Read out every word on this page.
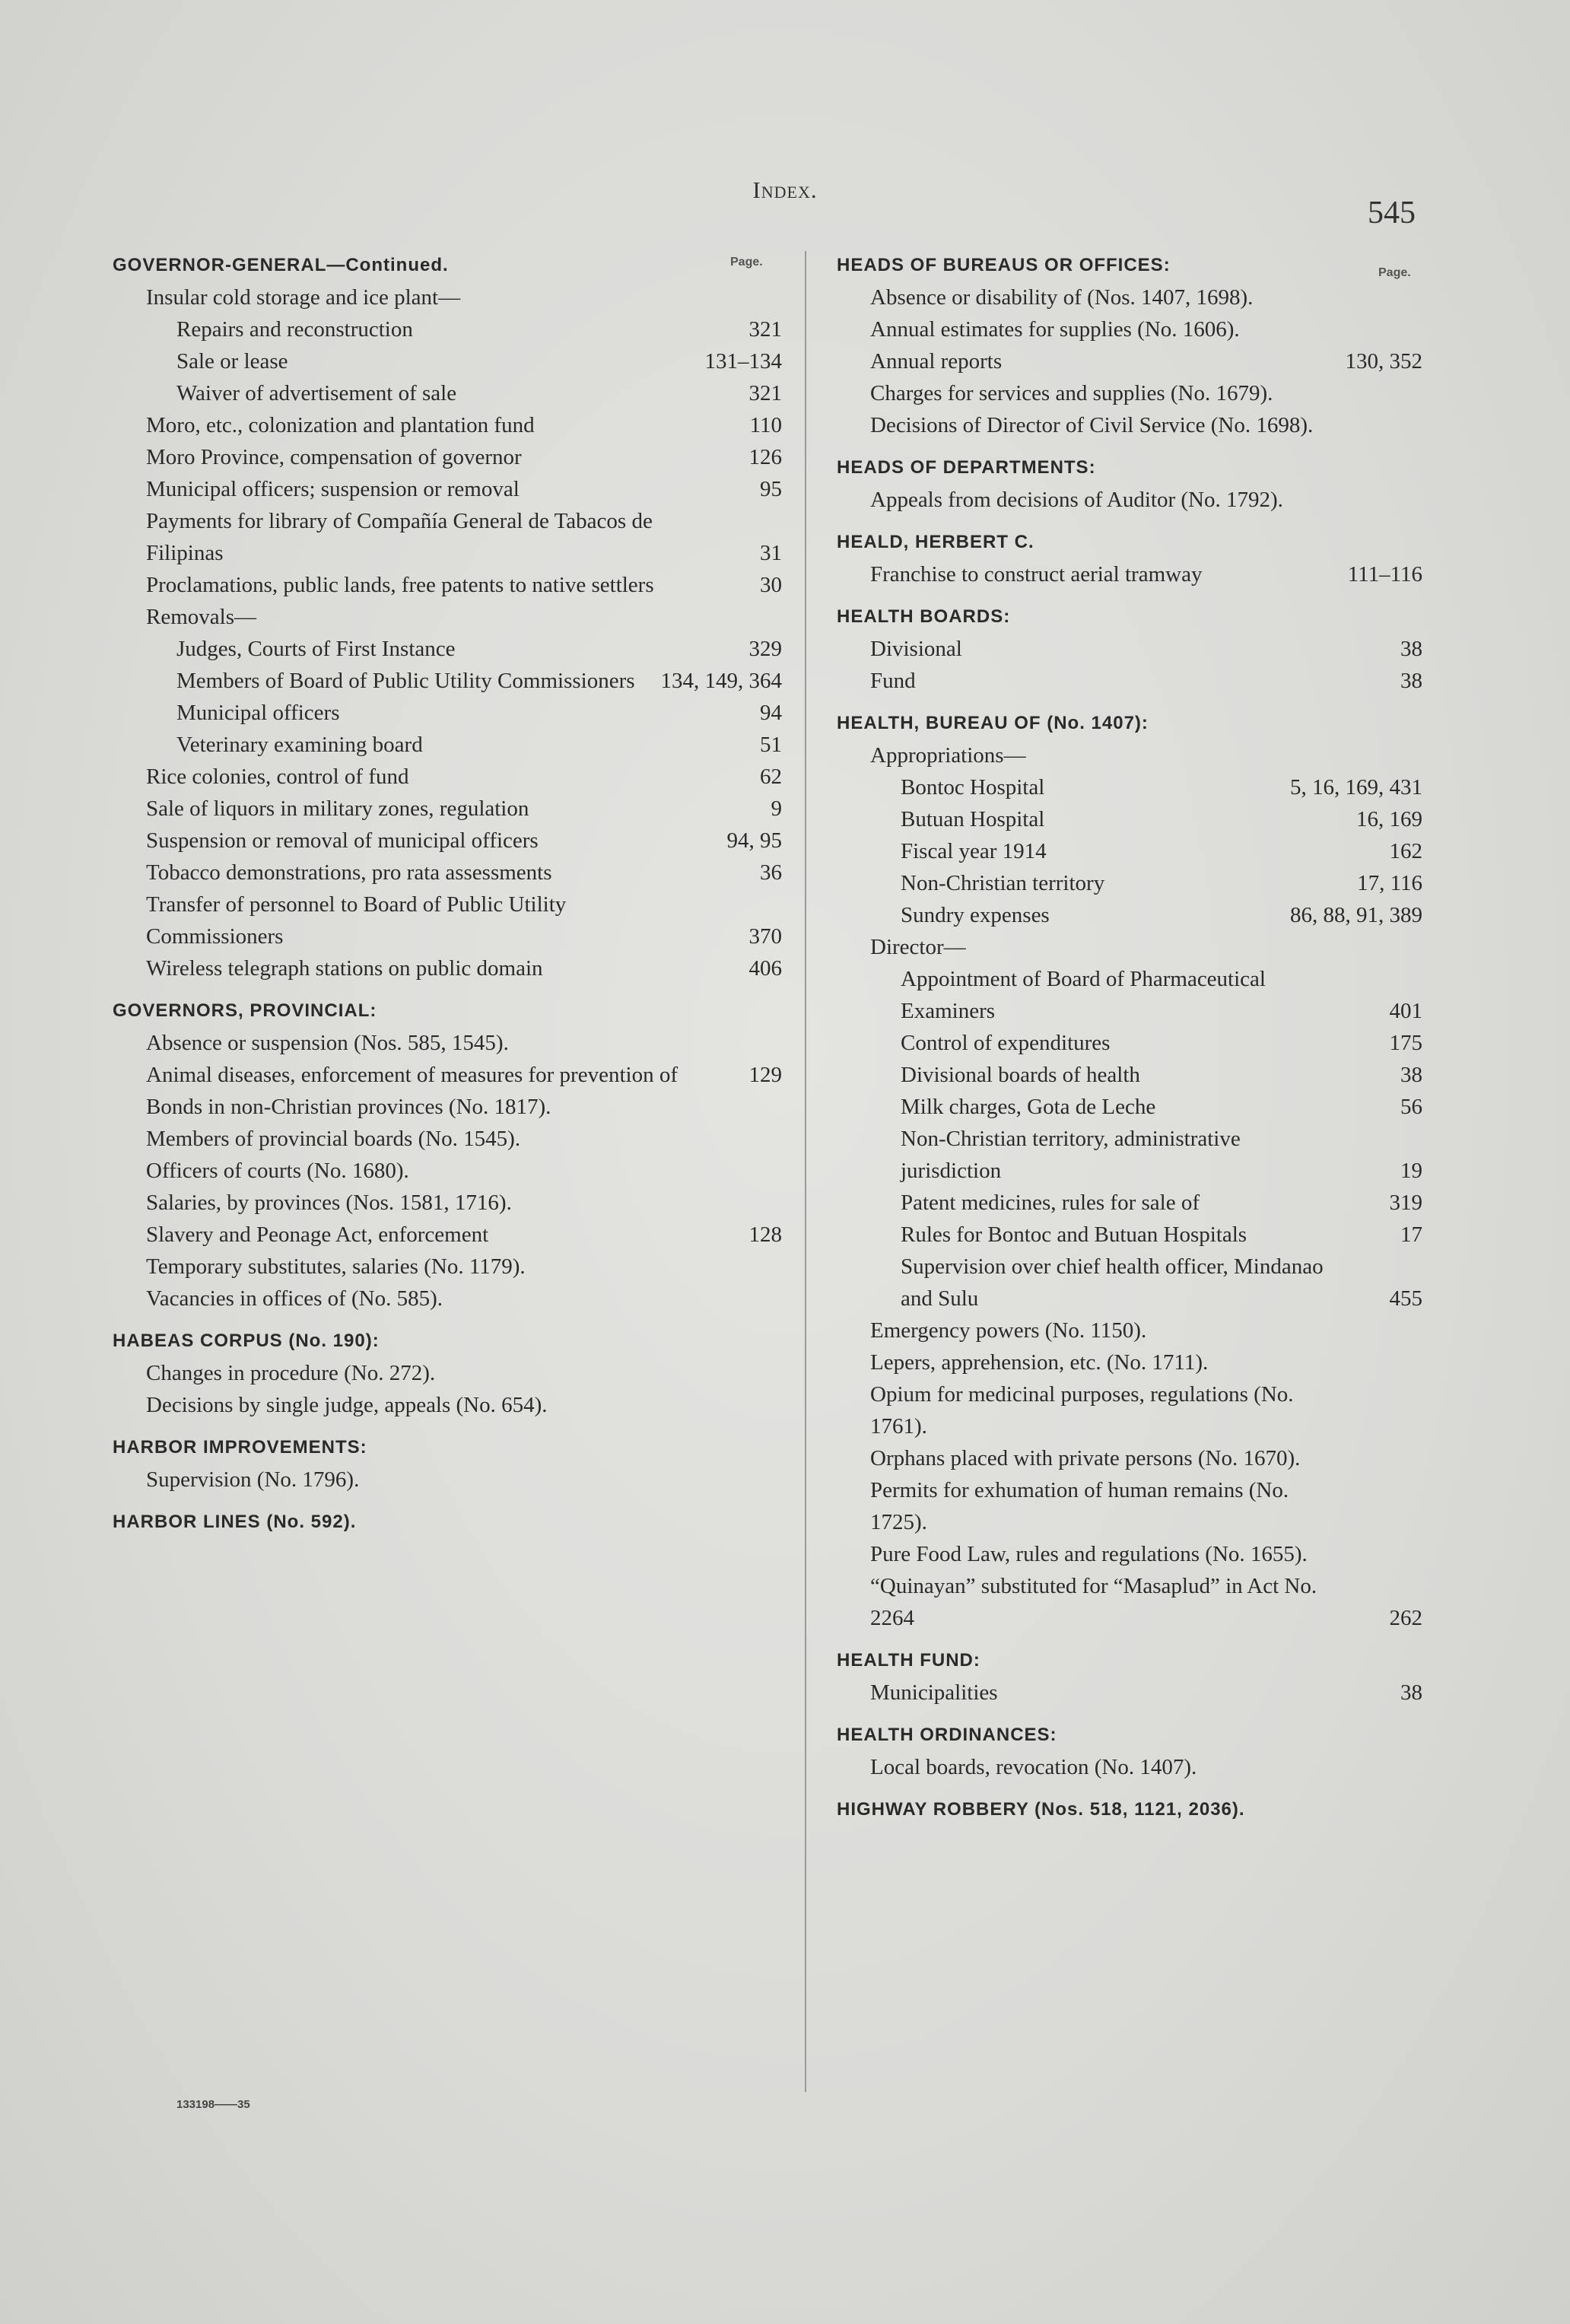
Index.
545
Page.
GOVERNOR-GENERAL—Continued.
Insular cold storage and ice plant—
Repairs and reconstruction	321
Sale or lease	131–134
Waiver of advertisement of sale	321
Moro, etc., colonization and plantation fund	110
Moro Province, compensation of governor	126
Municipal officers; suspension or removal	95
Payments for library of Compañía General de Tabacos de Filipinas	31
Proclamations, public lands, free patents to native settlers	30
Removals—
Judges, Courts of First Instance	329
Members of Board of Public Utility Commissioners	134, 149, 364
Municipal officers	94
Veterinary examining board	51
Rice colonies, control of fund	62
Sale of liquors in military zones, regulation	9
Suspension or removal of municipal officers	94, 95
Tobacco demonstrations, pro rata assessments	36
Transfer of personnel to Board of Public Utility Commissioners	370
Wireless telegraph stations on public domain	406
GOVERNORS, PROVINCIAL:
Absence or suspension (Nos. 585, 1545).
Animal diseases, enforcement of measures for prevention of	129
Bonds in non-Christian provinces (No. 1817).
Members of provincial boards (No. 1545).
Officers of courts (No. 1680).
Salaries, by provinces (Nos. 1581, 1716).
Slavery and Peonage Act, enforcement	128
Temporary substitutes, salaries (No. 1179).
Vacancies in offices of (No. 585).
HABEAS CORPUS (No. 190):
Changes in procedure (No. 272).
Decisions by single judge, appeals (No. 654).
HARBOR IMPROVEMENTS:
Supervision (No. 1796).
HARBOR LINES (No. 592).
Page.
HEADS OF BUREAUS OR OFFICES:
Absence or disability of (Nos. 1407, 1698).
Annual estimates for supplies (No. 1606).
Annual reports	130, 352
Charges for services and supplies (No. 1679).
Decisions of Director of Civil Service (No. 1698).
HEADS OF DEPARTMENTS:
Appeals from decisions of Auditor (No. 1792).
HEALD, HERBERT C.
Franchise to construct aerial tramway	111–116
HEALTH BOARDS:
Divisional	38
Fund	38
HEALTH, BUREAU OF (No. 1407):
Appropriations—
Bontoc Hospital	5, 16, 169, 431
Butuan Hospital	16, 169
Fiscal year 1914	162
Non-Christian territory	17, 116
Sundry expenses	86, 88, 91, 389
Director—
Appointment of Board of Pharmaceutical Examiners	401
Control of expenditures	175
Divisional boards of health	38
Milk charges, Gota de Leche	56
Non-Christian territory, administrative jurisdiction	19
Patent medicines, rules for sale of	319
Rules for Bontoc and Butuan Hospitals	17
Supervision over chief health officer, Mindanao and Sulu	455
Emergency powers (No. 1150).
Lepers, apprehension, etc. (No. 1711).
Opium for medicinal purposes, regulations (No. 1761).
Orphans placed with private persons (No. 1670).
Permits for exhumation of human remains (No. 1725).
Pure Food Law, rules and regulations (No. 1655).
“Quinayan” substituted for “Masaplud” in Act No. 2264	262
HEALTH FUND:
Municipalities	38
HEALTH ORDINANCES:
Local boards, revocation (No. 1407).
HIGHWAY ROBBERY (Nos. 518, 1121, 2036).
133198——35
